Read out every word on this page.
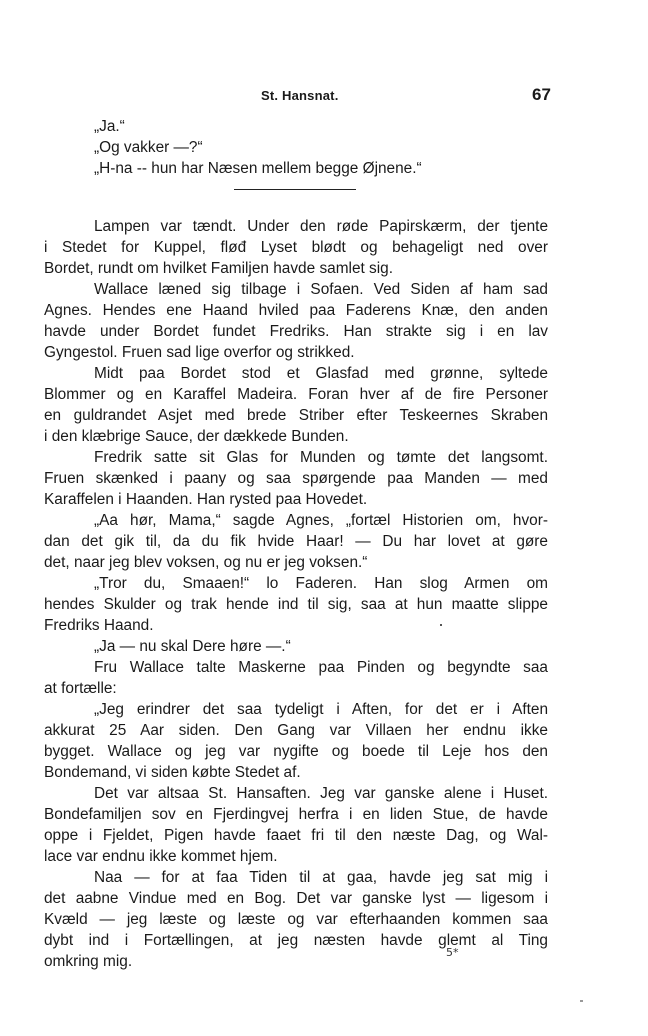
St. Hansnat.	67
„Ja.“
„Og vakker —?“
„H-na -- hun har Næsen mellem begge Øjnene.“
Lampen var tændt. Under den røde Papirskærm, der tjente
i Stedet for Kuppel, fløđ Lyset blødt og behageligt ned over
Bordet, rundt om hvilket Familjen havde samlet sig.
Wallace læned sig tilbage i Sofaen. Ved Siden af ham sad
Agnes. Hendes ene Haand hviled paa Faderens Knæ, den anden
havde under Bordet fundet Fredriks. Han strakte sig i en lav
Gyngestol. Fruen sad lige overfor og strikked.
Midt paa Bordet stod et Glasfad med grønne, syltede
Blommer og en Karaffel Madeira. Foran hver af de fire Personer
en guldrandet Asjet med brede Striber efter Teskeernes Skraben
i den klæbrige Sauce, der dækkede Bunden.
Fredrik satte sit Glas for Munden og tømte det langsomt.
Fruen skænked i paany og saa spørgende paa Manden — med
Karaffelen i Haanden. Han rysted paa Hovedet.
„Aa hør, Mama,“ sagde Agnes, „fortæl Historien om, hvor-
dan det gik til, da du fik hvide Haar! — Du har lovet at gøre
det, naar jeg blev voksen, og nu er jeg voksen.“
„Tror du, Smaaen!“ lo Faderen. Han slog Armen om
hendes Skulder og trak hende ind til sig, saa at hun maatte slippe
Fredriks Haand.
„Ja — nu skal Dere høre —.“
Fru Wallace talte Maskerne paa Pinden og begyndte saa
at fortælle:
„Jeg erindrer det saa tydeligt i Aften, for det er i Aften
akkurat 25 Aar siden. Den Gang var Villaen her endnu ikke
bygget. Wallace og jeg var nygifte og boede til Leje hos den
Bondemand, vi siden købte Stedet af.
Det var altsaa St. Hansaften. Jeg var ganske alene i Huset.
Bondefamiljen sov en Fjerdingvej herfra i en liden Stue, de havde
oppe i Fjeldet, Pigen havde faaet fri til den næste Dag, og Wal-
lace var endnu ikke kommet hjem.
Naa — for at faa Tiden til at gaa, havde jeg sat mig i
det aabne Vindue med en Bog. Det var ganske lyst — ligesom i
Kvæld — jeg læste og læste og var efterhaanden kommen saa
dybt ind i Fortællingen, at jeg næsten havde glemt al Ting
omkring mig.
5*
